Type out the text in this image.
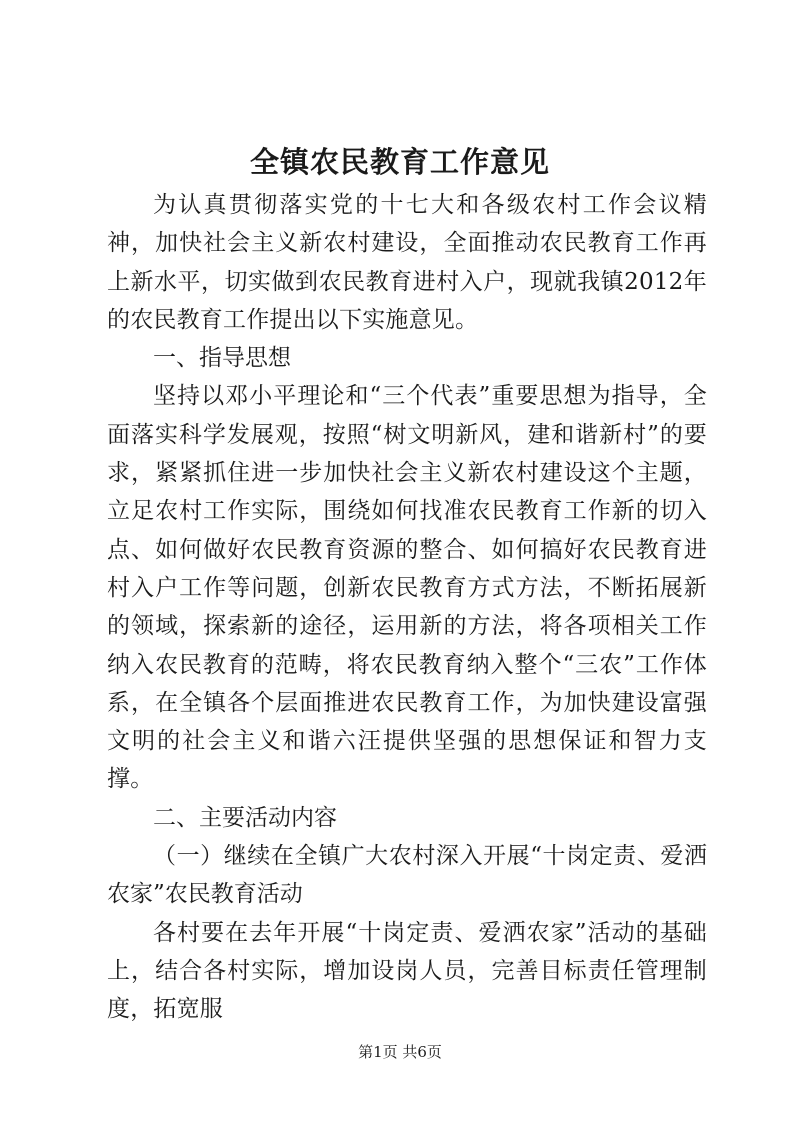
全镇农民教育工作意见

为认真贯彻落实党的十七大和各级农村工作会议精神，加快社会主义新农村建设，全面推动农民教育工作再上新水平，切实做到农民教育进村入户，现就我镇2012年的农民教育工作提出以下实施意见。

一、指导思想

坚持以邓小平理论和“三个代表”重要思想为指导，全面落实科学发展观，按照“树文明新风，建和谐新村”的要求，紧紧抓住进一步加快社会主义新农村建设这个主题，立足农村工作实际，围绕如何找准农民教育工作新的切入点、如何做好农民教育资源的整合、如何搞好农民教育进村入户工作等问题，创新农民教育方式方法，不断拓展新的领域，探索新的途径，运用新的方法，将各项相关工作纳入农民教育的范畴，将农民教育纳入整个“三农”工作体系，在全镇各个层面推进农民教育工作，为加快建设富强文明的社会主义和谐六汪提供坚强的思想保证和智力支撑。

二、主要活动内容

（一）继续在全镇广大农村深入开展“十岗定责、爱洒农家”农民教育活动

各村要在去年开展“十岗定责、爱洒农家”活动的基础上，结合各村实际，增加设岗人员，完善目标责任管理制度，拓宽服

第1页 共6页
